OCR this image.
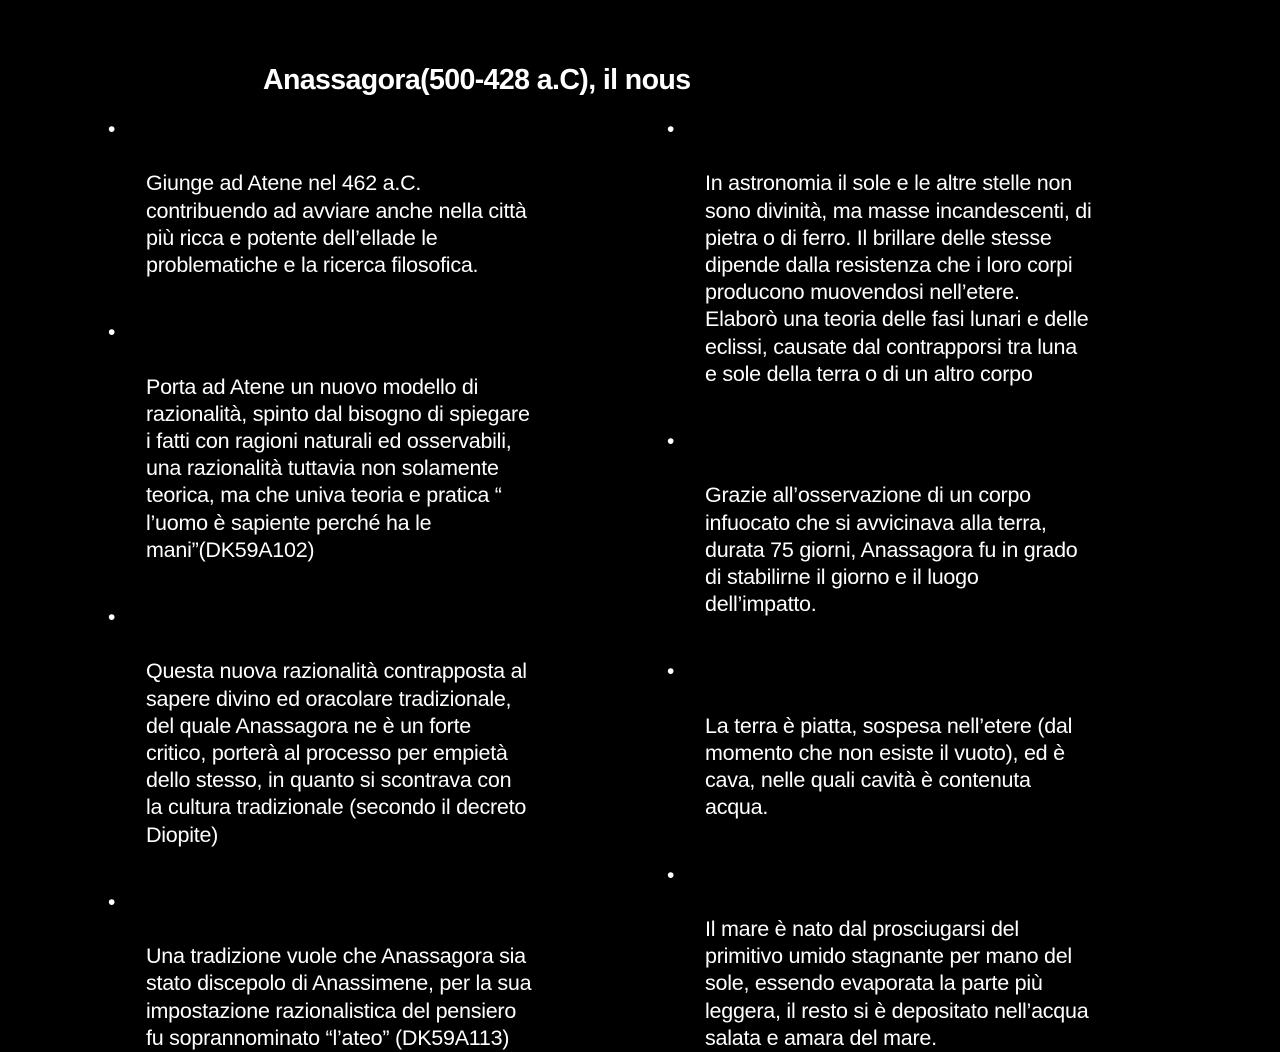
Anassagora(500-428 a.C), il nous

•

Giunge ad Atene nel 462 a.C.
contribuendo ad avviare anche nella città
più ricca e potente dell’ellade le
problematiche e la ricerca filosofica.

•

Porta ad Atene un nuovo modello di
razionalità, spinto dal bisogno di spiegare
i fatti con ragioni naturali ed osservabili,
una razionalità tuttavia non solamente
teorica, ma che univa teoria e pratica “
l’uomo è sapiente perché ha le
mani”(DK59A102)

•

Questa nuova razionalità contrapposta al
sapere divino ed oracolare tradizionale,
del quale Anassagora ne è un forte
critico, porterà al processo per empietà
dello stesso, in quanto si scontrava con
la cultura tradizionale (secondo il decreto
Diopite)

•

Una tradizione vuole che Anassagora sia
stato discepolo di Anassimene, per la sua
impostazione razionalistica del pensiero
fu soprannominato “l’ateo” (DK59A113)

•

In astronomia il sole e le altre stelle non
sono divinità, ma masse incandescenti, di
pietra o di ferro. Il brillare delle stesse
dipende dalla resistenza che i loro corpi
producono muovendosi nell’etere.
Elaborò una teoria delle fasi lunari e delle
eclissi, causate dal contrapporsi tra luna
e sole della terra o di un altro corpo

•

Grazie all’osservazione di un corpo
infuocato che si avvicinava alla terra,
durata 75 giorni, Anassagora fu in grado
di stabilirne il giorno e il luogo
dell’impatto.

•

La terra è piatta, sospesa nell’etere (dal
momento che non esiste il vuoto), ed è
cava, nelle quali cavità è contenuta
acqua.

•

Il mare è nato dal prosciugarsi del
primitivo umido stagnante per mano del
sole, essendo evaporata la parte più
leggera, il resto si è depositato nell’acqua
salata e amara del mare.
